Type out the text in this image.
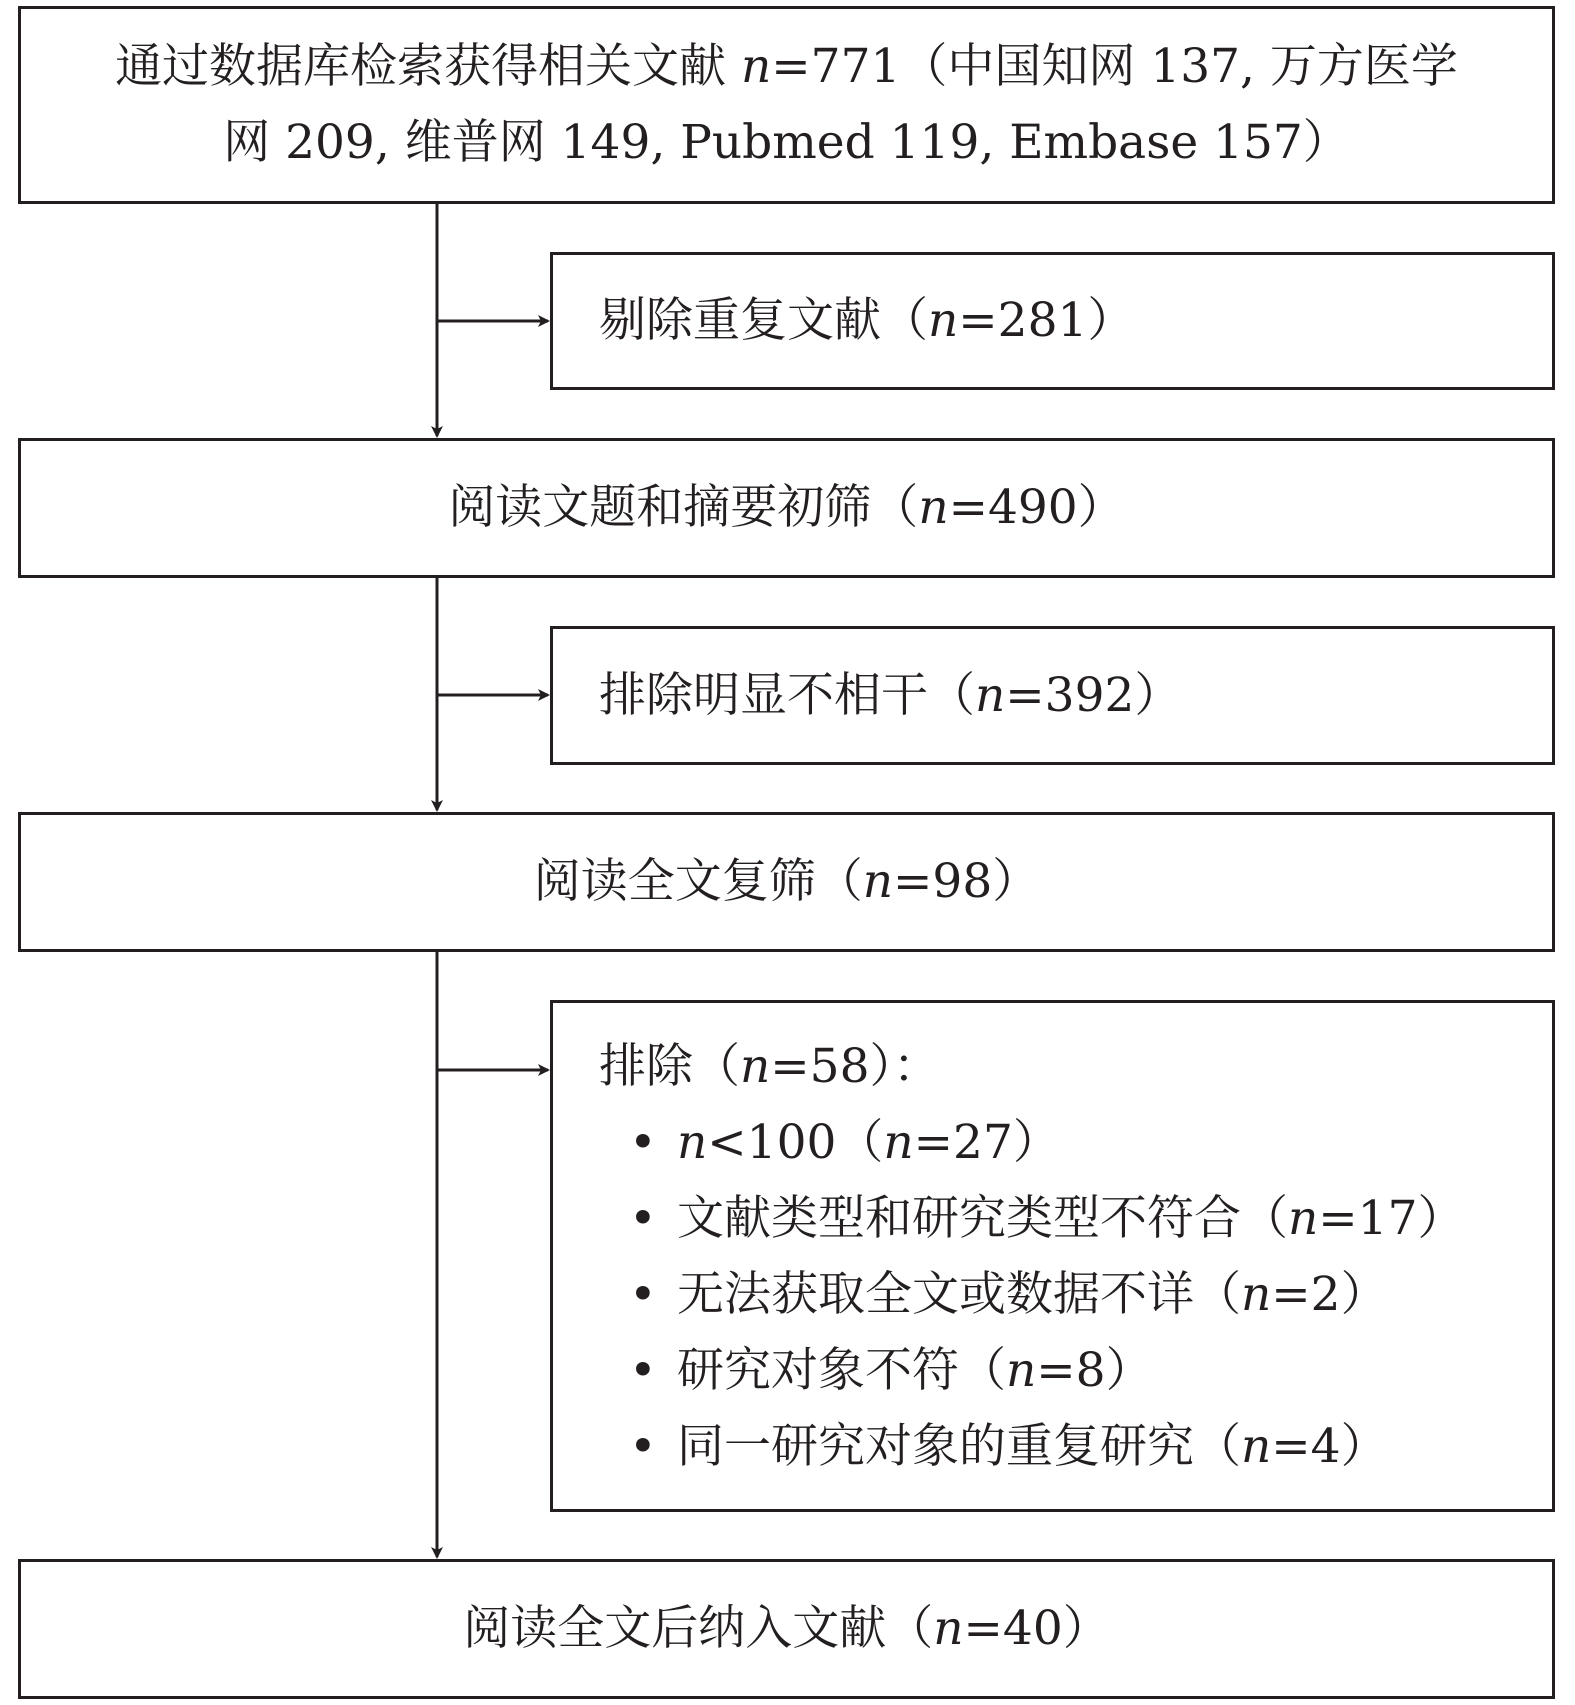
通过数据库检索获得相关文献 n=771（中国知网 137, 万方医学
网 209, 维普网 149, Pubmed 119, Embase 157）
剔除重复文献（n=281）
阅读文题和摘要初筛（n=490）
排除明显不相干（n=392）
阅读全文复筛（n=98）
排除（n=58）：
• n<100（n=27）
• 文献类型和研究类型不符合（n=17）
• 无法获取全文或数据不详（n=2）
• 研究对象不符（n=8）
• 同一研究对象的重复研究（n=4）
阅读全文后纳入文献（n=40）
